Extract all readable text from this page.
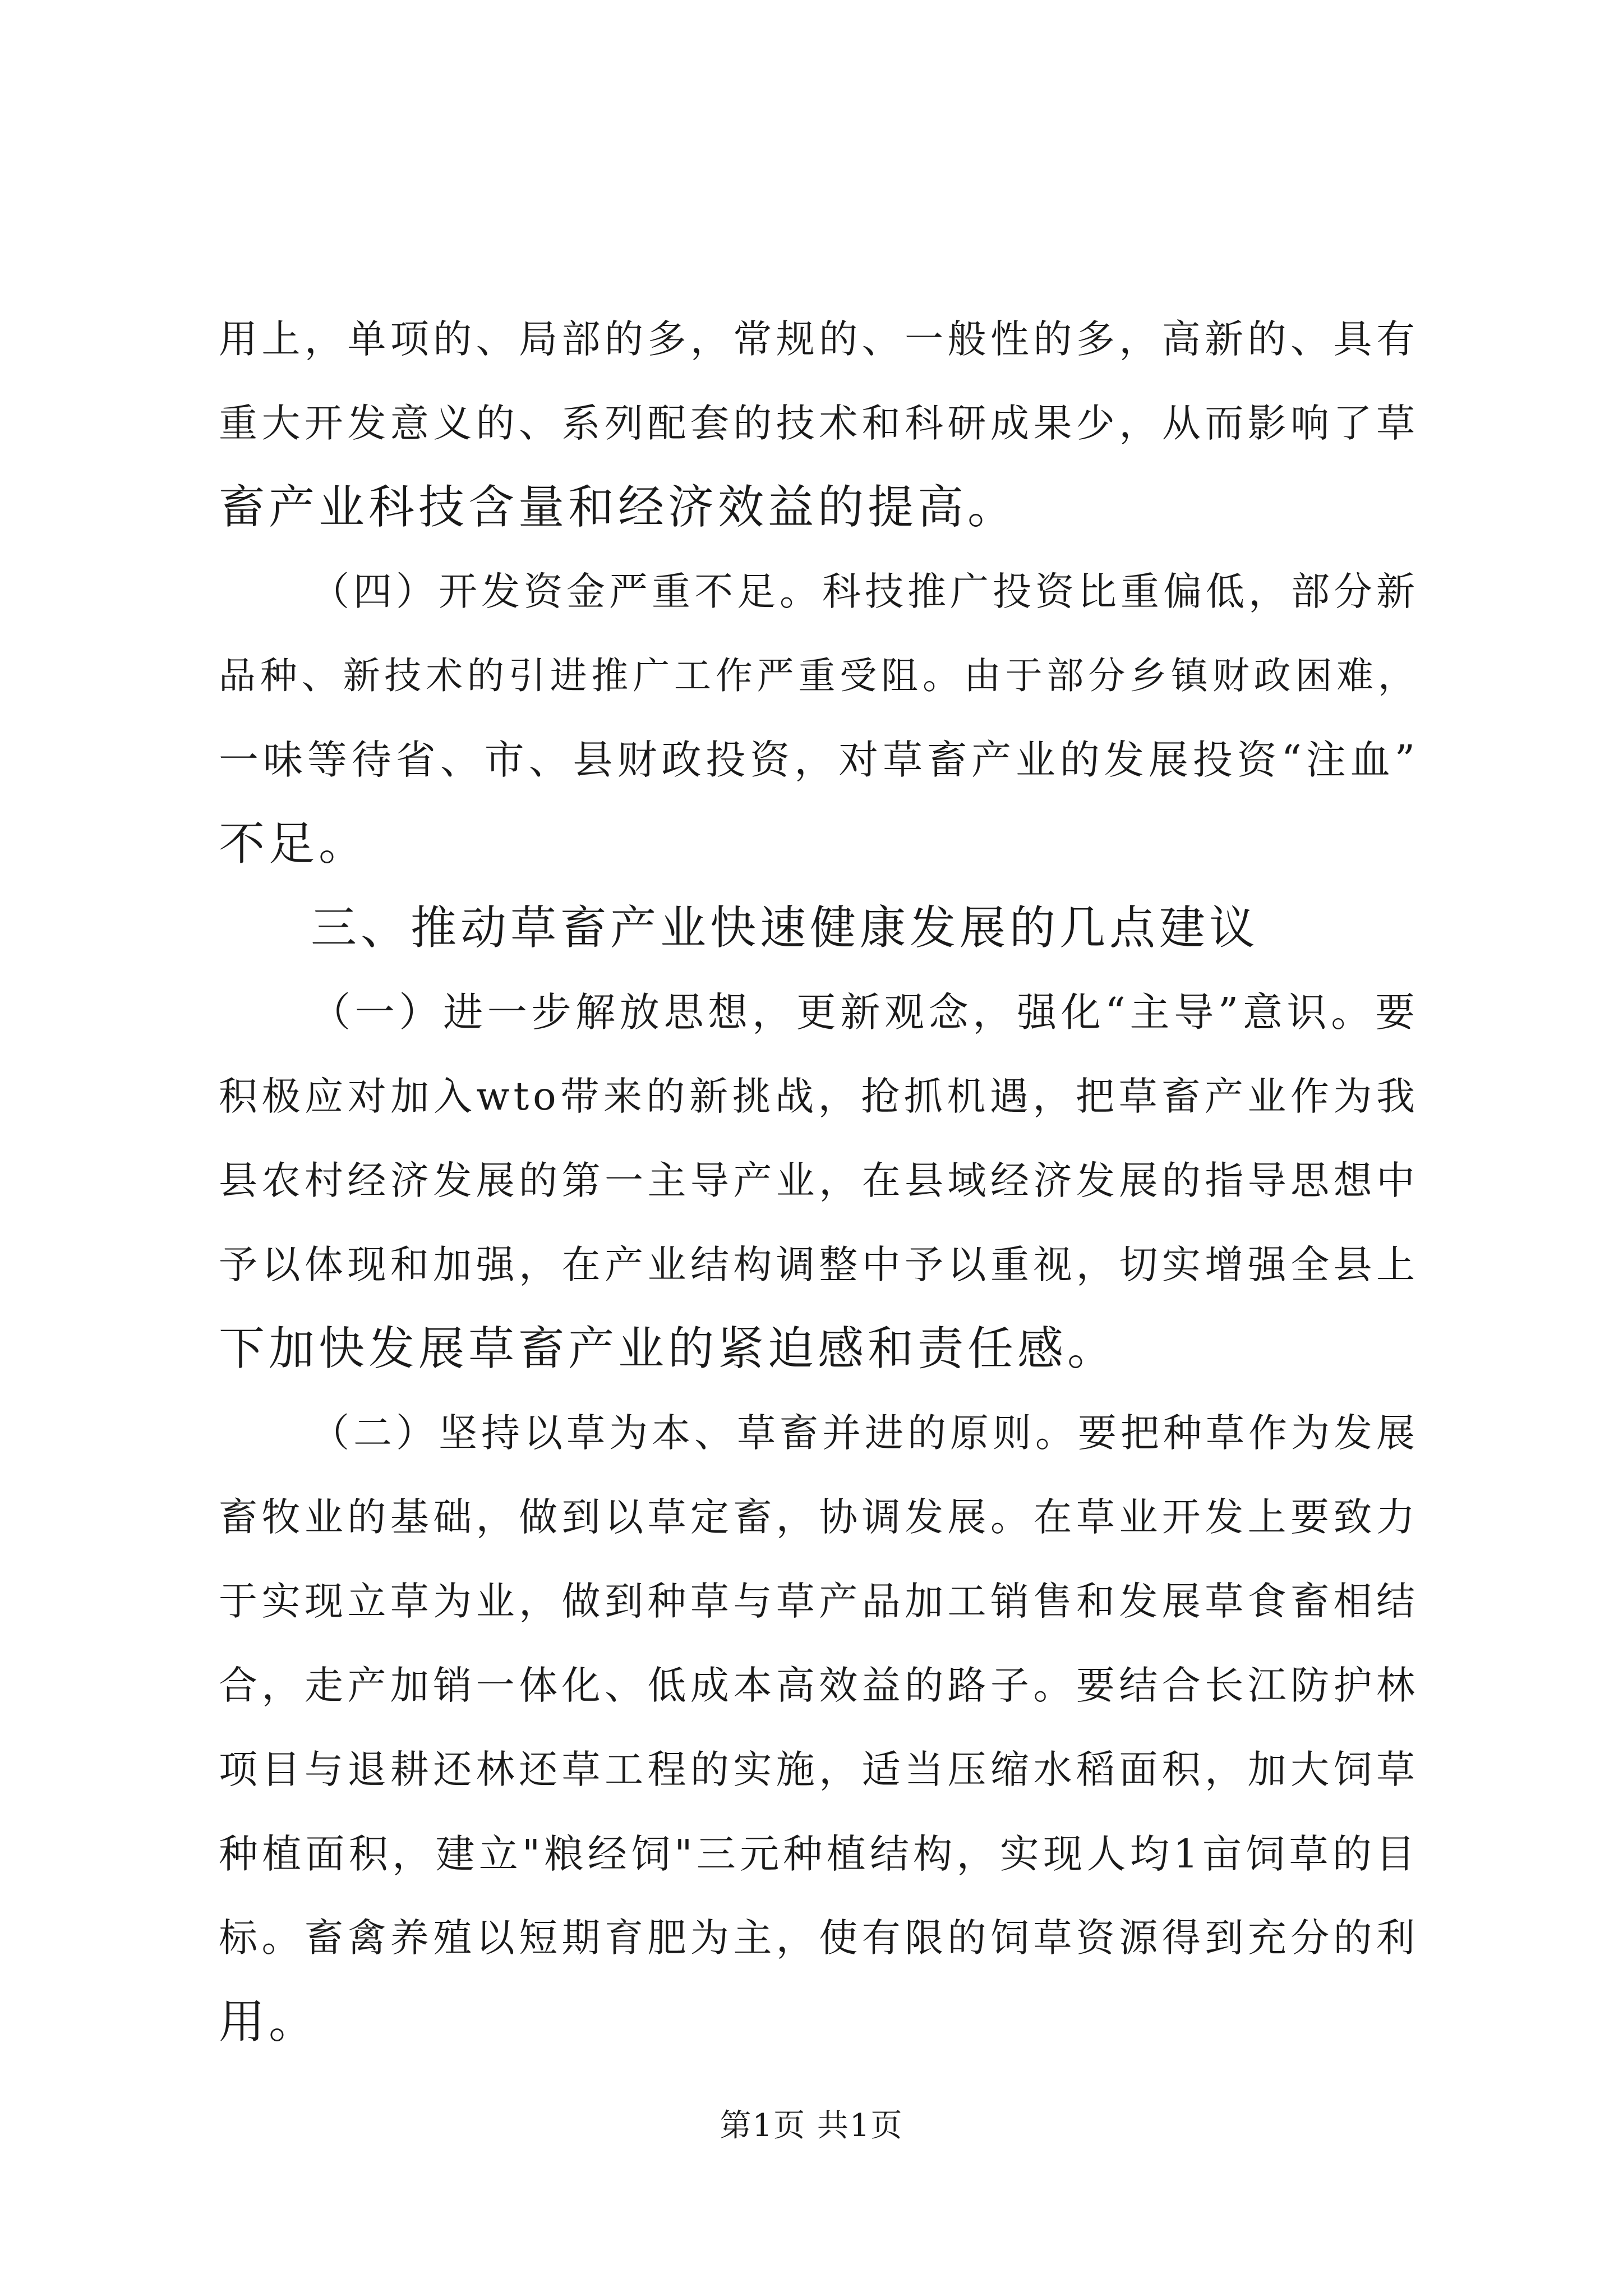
用上，单项的、局部的多，常规的、一般性的多，高新的、具有
重大开发意义的、系列配套的技术和科研成果少，从而影响了草
畜产业科技含量和经济效益的提高。
（四）开发资金严重不足。科技推广投资比重偏低，部分新
品种、新技术的引进推广工作严重受阻。由于部分乡镇财政困难，
一味等待省、市、县财政投资，对草畜产业的发展投资“注血”
不足。
三、推动草畜产业快速健康发展的几点建议
（一）进一步解放思想，更新观念，强化“主导”意识。要
积极应对加入wto带来的新挑战，抢抓机遇，把草畜产业作为我
县农村经济发展的第一主导产业，在县域经济发展的指导思想中
予以体现和加强，在产业结构调整中予以重视，切实增强全县上
下加快发展草畜产业的紧迫感和责任感。
（二）坚持以草为本、草畜并进的原则。要把种草作为发展
畜牧业的基础，做到以草定畜，协调发展。在草业开发上要致力
于实现立草为业，做到种草与草产品加工销售和发展草食畜相结
合，走产加销一体化、低成本高效益的路子。要结合长江防护林
项目与退耕还林还草工程的实施，适当压缩水稻面积，加大饲草
种植面积，建立"粮经饲"三元种植结构，实现人均1亩饲草的目
标。畜禽养殖以短期育肥为主，使有限的饲草资源得到充分的利
用。
第1页 共1页
